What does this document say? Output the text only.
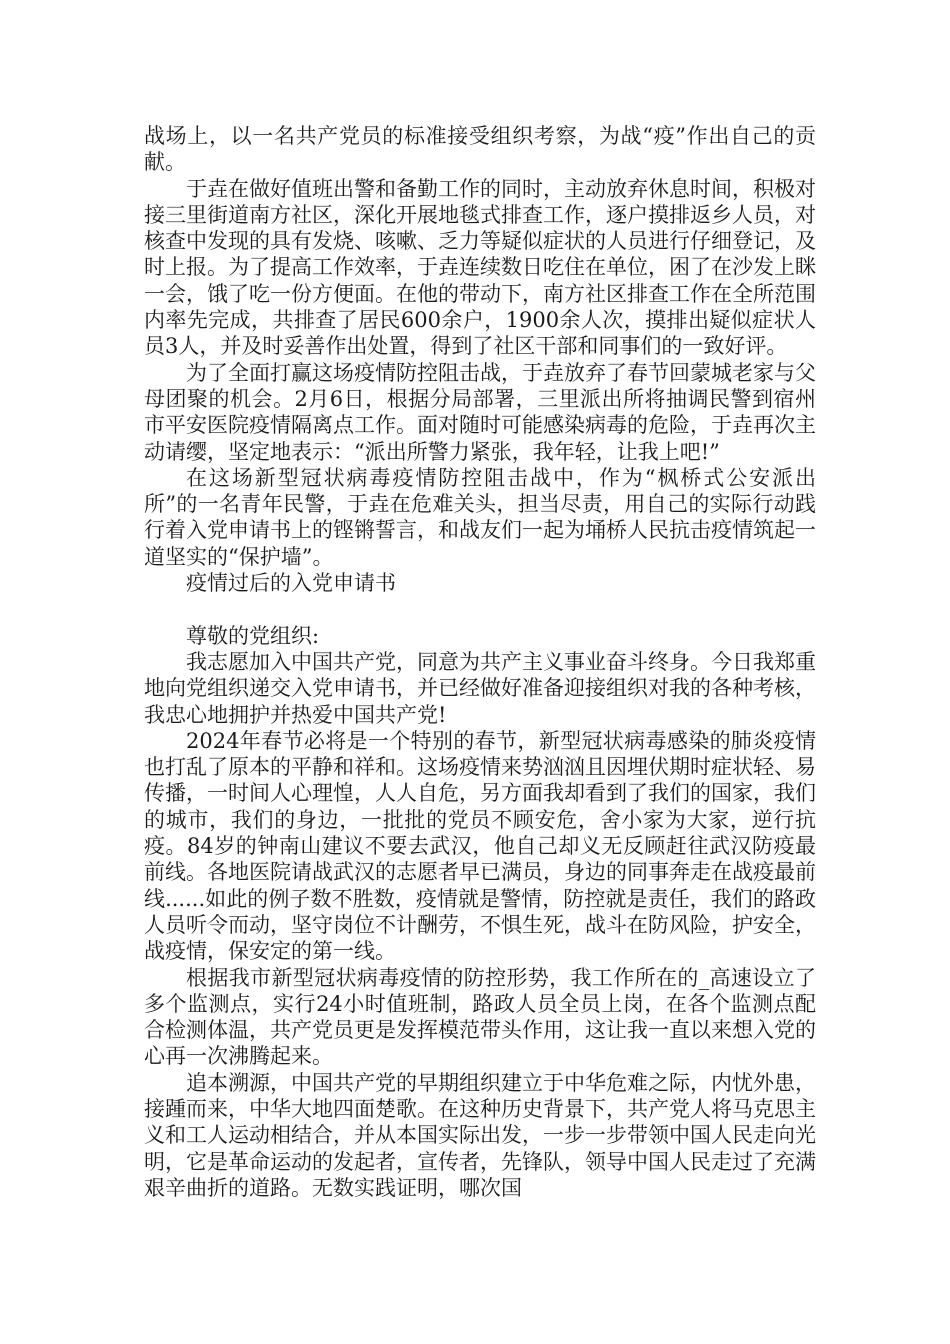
战场上，以一名共产党员的标准接受组织考察，为战“疫”作出自己的贡献。

于垚在做好值班出警和备勤工作的同时，主动放弃休息时间，积极对接三里街道南方社区，深化开展地毯式排查工作，逐户摸排返乡人员，对核查中发现的具有发烧、咳嗽、乏力等疑似症状的人员进行仔细登记，及时上报。为了提高工作效率，于垚连续数日吃住在单位，困了在沙发上眯一会，饿了吃一份方便面。在他的带动下，南方社区排查工作在全所范围内率先完成，共排查了居民600余户，1900余人次，摸排出疑似症状人员3人，并及时妥善作出处置，得到了社区干部和同事们的一致好评。

为了全面打赢这场疫情防控阻击战，于垚放弃了春节回蒙城老家与父母团聚的机会。2月6日，根据分局部署，三里派出所将抽调民警到宿州市平安医院疫情隔离点工作。面对随时可能感染病毒的危险，于垚再次主动请缨，坚定地表示：“派出所警力紧张，我年轻，让我上吧!”

在这场新型冠状病毒疫情防控阻击战中，作为“枫桥式公安派出所”的一名青年民警，于垚在危难关头，担当尽责，用自己的实际行动践行着入党申请书上的铿锵誓言，和战友们一起为埇桥人民抗击疫情筑起一道坚实的“保护墙”。

疫情过后的入党申请书

尊敬的党组织:

我志愿加入中国共产党，同意为共产主义事业奋斗终身。今日我郑重地向党组织递交入党申请书，并已经做好准备迎接组织对我的各种考核，我忠心地拥护并热爱中国共产党!

2024年春节必将是一个特别的春节，新型冠状病毒感染的肺炎疫情也打乱了原本的平静和祥和。这场疫情来势汹汹且因埋伏期时症状轻、易传播，一时间人心理惶，人人自危，另方面我却看到了我们的国家，我们的城市，我们的身边，一批批的党员不顾安危，舍小家为大家，逆行抗疫。84岁的钟南山建议不要去武汉，他自己却义无反顾赶往武汉防疫最前线。各地医院请战武汉的志愿者早已满员，身边的同事奔走在战疫最前线......如此的例子数不胜数，疫情就是警情，防控就是责任，我们的路政人员听令而动，坚守岗位不计酬劳，不惧生死，战斗在防风险，护安全，战疫情，保安定的第一线。

根据我市新型冠状病毒疫情的防控形势，我工作所在的_高速设立了多个监测点，实行24小时值班制，路政人员全员上岗，在各个监测点配合检测体温，共产党员更是发挥模范带头作用，这让我一直以来想入党的心再一次沸腾起来。

追本溯源，中国共产党的早期组织建立于中华危难之际，内忧外患，接踵而来，中华大地四面楚歌。在这种历史背景下，共产党人将马克思主义和工人运动相结合，并从本国实际出发，一步一步带领中国人民走向光明，它是革命运动的发起者，宣传者，先锋队，领导中国人民走过了充满艰辛曲折的道路。无数实践证明，哪次国
